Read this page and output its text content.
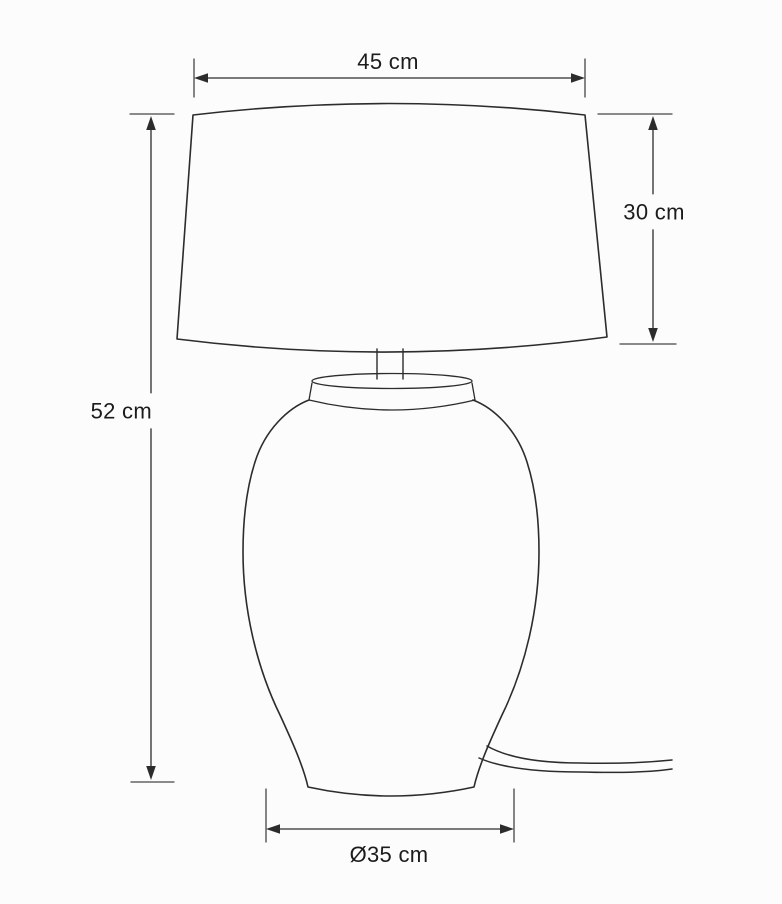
45 cm
30 cm
52 cm
Ø35 cm
